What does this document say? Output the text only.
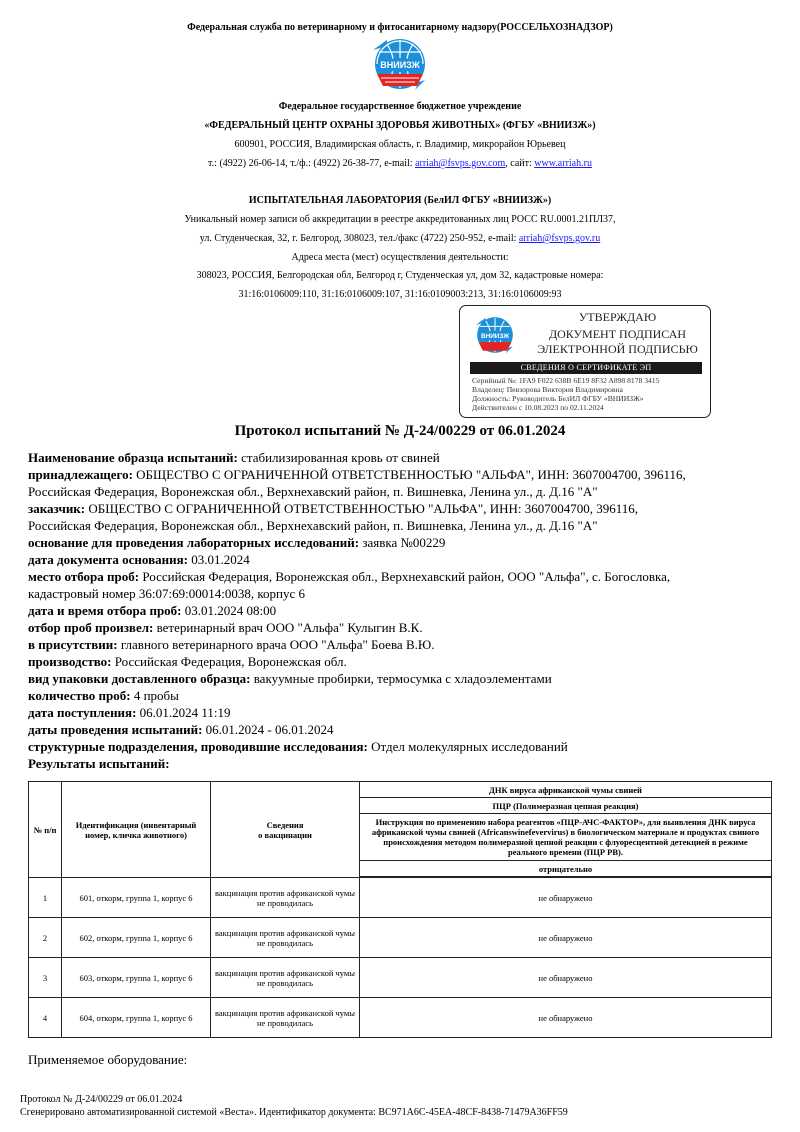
Федеральная служба по ветеринарному и фитосанитарному надзору(РОССЕЛЬХОЗНАДЗОР)
ВНИИЗЖ
Федеральное государственное бюджетное учреждение
«ФЕДЕРАЛЬНЫЙ ЦЕНТР ОХРАНЫ ЗДОРОВЬЯ ЖИВОТНЫХ» (ФГБУ «ВНИИЗЖ»)
600901, РОССИЯ, Владимирская область, г. Владимир, микрорайон Юрьевец
т.: (4922) 26-06-14, т./ф.: (4922) 26-38-77, e-mail: arriah@fsvps.gov.com, сайт: www.arriah.ru
ИСПЫТАТЕЛЬНАЯ ЛАБОРАТОРИЯ (БелИЛ ФГБУ «ВНИИЗЖ»)
Уникальный номер записи об аккредитации в реестре аккредитованных лиц РОСС RU.0001.21ПЛ37,
ул. Студенческая, 32, г. Белгород, 308023, тел./факс (4722) 250-952, e-mail: arriah@fsvps.gov.ru
Адреса места (мест) осуществления деятельности:
308023, РОССИЯ, Белгородская обл, Белгород г, Студенческая ул, дом 32, кадастровые номера:
31:16:0106009:110, 31:16:0106009:107, 31:16:0109003:213, 31:16:0106009:93
ВНИИЗЖ
УТВЕРЖДАЮ
ДОКУМЕНТ ПОДПИСАН
ЭЛЕКТРОННОЙ ПОДПИСЬЮ
СВЕДЕНИЯ О СЕРТИФИКАТЕ ЭП
Серийный №: 1FA9 F022 638B 6E19 8F32 A898 8178 3415
Владелец: Певзорова Виктория Владимировна
Должность: Руководитель БелИЛ ФГБУ «ВНИИЗЖ»
Действителен с 10.08.2023 по 02.11.2024
Протокол испытаний № Д-24/00229 от 06.01.2024
Наименование образца испытаний: стабилизированная кровь от свиней
принадлежащего: ОБЩЕСТВО С ОГРАНИЧЕННОЙ ОТВЕТСТВЕННОСТЬЮ "АЛЬФА", ИНН: 3607004700, 396116,
Российская Федерация, Воронежская обл., Верхнехавский район, п. Вишневка, Ленина ул., д. Д.16 "А"
заказчик: ОБЩЕСТВО С ОГРАНИЧЕННОЙ ОТВЕТСТВЕННОСТЬЮ "АЛЬФА", ИНН: 3607004700, 396116,
Российская Федерация, Воронежская обл., Верхнехавский район, п. Вишневка, Ленина ул., д. Д.16 "А"
основание для проведения лабораторных исследований: заявка №00229
дата документа основания: 03.01.2024
место отбора проб: Российская Федерация, Воронежская обл., Верхнехавский район, ООО "Альфа", с. Богословка,
кадастровый номер 36:07:69:00014:0038, корпус 6
дата и время отбора проб: 03.01.2024 08:00
отбор проб произвел: ветеринарный врач ООО "Альфа" Кулыгин В.К.
в присутствии: главного ветеринарного врача ООО "Альфа" Боева В.Ю.
производство: Российская Федерация, Воронежская обл.
вид упаковки доставленного образца: вакуумные пробирки, термосумка с хладоэлементами
количество проб: 4 пробы
дата поступления: 06.01.2024 11:19
даты проведения испытаний: 06.01.2024 - 06.01.2024
структурные подразделения, проводившие исследования: Отдел молекулярных исследований
Результаты испытаний:
№ п/п	Идентификация (инвентарный номер, кличка животного)	Сведения
о вакцинации	ДНК вируса африканской чумы свиней
			ПЦР (Полимеразная цепная реакция)
			Инструкция по применению набора реагентов «ПЦР-АЧС-ФАКТОР», для выявления ДНК вируса африканской чумы свиней (Africanswinefevervirus) в биологическом материале и продуктах свиного происхождения методом полимеразной цепной реакции с флуоресцентной детекцией в режиме реального времени (ПЦР РВ).
			отрицательно

1	601, откорм, группа 1, корпус 6	вакцинация против африканской чумы не проводилась	не обнаружено
2	602, откорм, группа 1, корпус 6	вакцинация против африканской чумы не проводилась	не обнаружено
3	603, откорм, группа 1, корпус 6	вакцинация против африканской чумы не проводилась	не обнаружено
4	604, откорм, группа 1, корпус 6	вакцинация против африканской чумы не проводилась	не обнаружено
Применяемое оборудование:
Протокол № Д-24/00229 от 06.01.2024
Сгенерировано автоматизированной системой «Веста». Идентификатор документа: BC971A6C-45EA-48CF-8438-71479A36FF59
